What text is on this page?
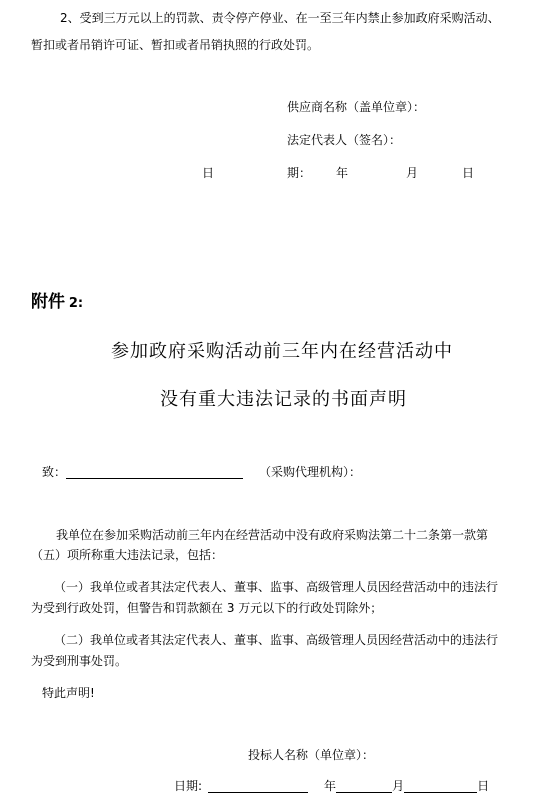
2、受到三万元以上的罚款、责令停产停业、在一至三年内禁止参加政府采购活动、
暂扣或者吊销许可证、暂扣或者吊销执照的行政处罚。
供应商名称（盖单位章）：
法定代表人（签名）：
日	期： 年	月	日
附件 2:
参加政府采购活动前三年内在经营活动中
没有重大违法记录的书面声明
致：	（采购代理机构）：
我单位在参加采购活动前三年内在经营活动中没有政府采购法第二十二条第一款第
（五）项所称重大违法记录，包括：
（一）我单位或者其法定代表人、董事、监事、高级管理人员因经营活动中的违法行
为受到行政处罚，但警告和罚款额在 3 万元以下的行政处罚除外；
（二）我单位或者其法定代表人、董事、监事、高级管理人员因经营活动中的违法行
为受到刑事处罚。
特此声明!
投标人名称（单位章）：
日期:	年	月	日
